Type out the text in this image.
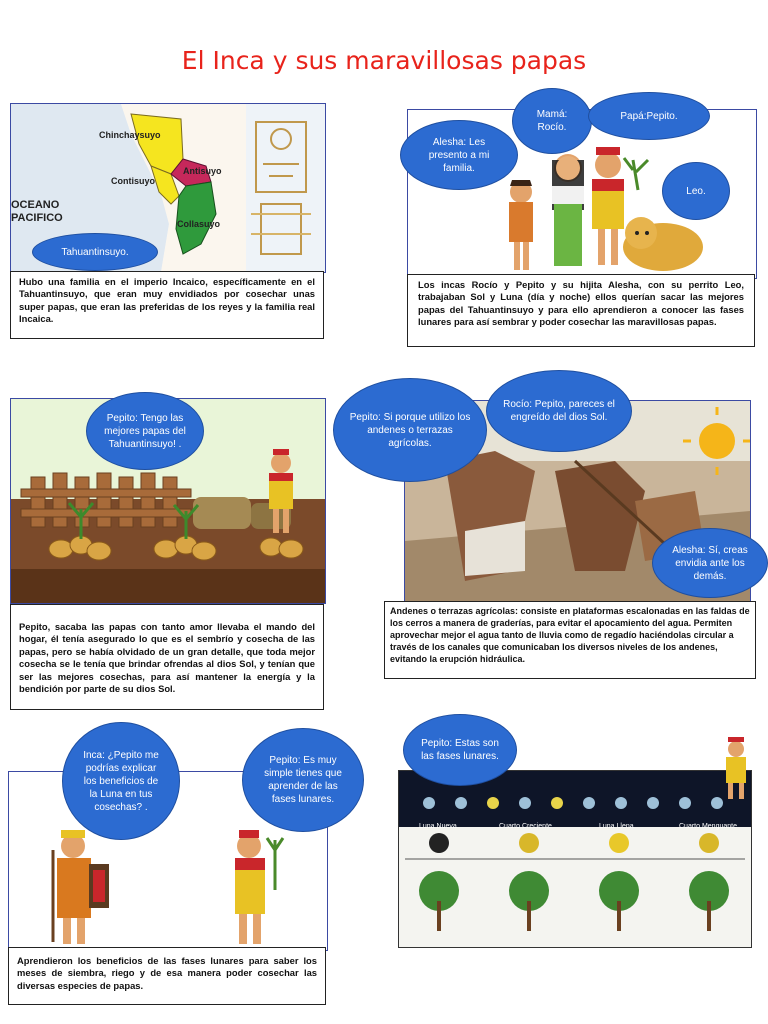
El Inca y sus maravillosas papas
Chinchaysuyo
Antisuyo
Contisuyo
Collasuyo
OCEANO
PACIFICO
Tahuantinsuyo.
Hubo una familia en el imperio Incaico, específicamente en el Tahuantinsuyo, que eran muy envidiados por cosechar unas super papas, que eran las preferidas de los reyes y la familia real Incaica.
Alesha: Les presento a mi familia.
Mamá: Rocío.
Papá:Pepito.
Leo.
Los incas Rocío y Pepito y su hijita Alesha, con su perrito Leo, trabajaban Sol y Luna (día y noche) ellos querían sacar las mejores papas del Tahuantinsuyo y para ello aprendieron a conocer las fases lunares para así sembrar y poder cosechar las maravillosas papas.
Pepito: Tengo las mejores papas del Tahuantinsuyo! .
Pepito, sacaba las papas con tanto amor llevaba el mando del hogar, él tenía asegurado lo que es el sembrío y cosecha de las papas, pero se había olvidado de un gran detalle, que toda mejor cosecha se le tenía que brindar ofrendas al dios Sol, y tenían que ser las mejores cosechas, para así mantener la energía y la bendición por parte de su dios Sol.
Pepito: Si porque utilizo los andenes o terrazas agrícolas.
Rocío: Pepito, pareces el engreído del dios Sol.
Alesha: Sí, creas envidia ante los demás.
Andenes o terrazas agrícolas: consiste en plataformas escalonadas en las faldas de los cerros a manera de graderías, para evitar el apocamiento del agua. Permiten aprovechar mejor el agua tanto de lluvia como de regadío haciéndolas circular a través de los canales que comunicaban los diversos niveles de los andenes, evitando la erupción hidráulica.
Inca: ¿Pepito me podrías explicar los beneficios de la Luna en tus cosechas? .
Pepito: Es muy simple tienes que aprender de las fases lunares.
Aprendieron los beneficios de las fases lunares para saber los meses de siembra, riego y de esa manera poder cosechar las diversas especies de papas.
Luna Nueva	Cuarto Creciente	Luna Llena	Cuarto Menguante
Pepito: Estas son las fases lunares.
